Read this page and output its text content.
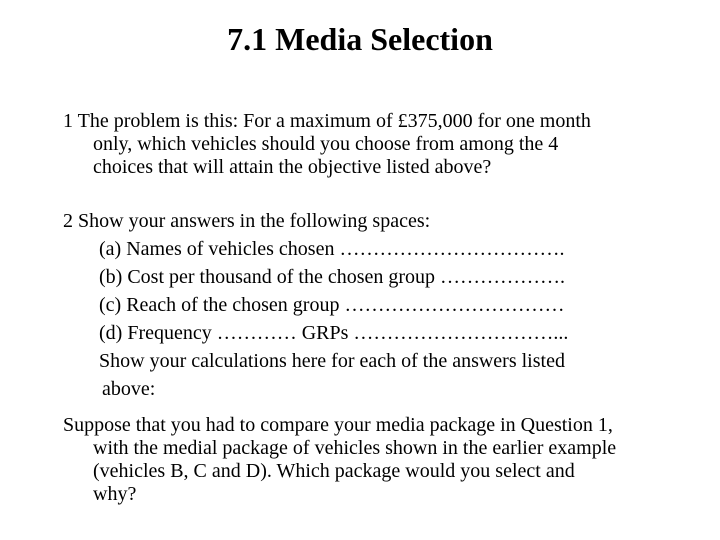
7.1 Media Selection
1 The problem is this: For a maximum of £375,000 for one month
only, which vehicles should you choose from among the 4
choices that will attain the objective listed above?
2 Show your answers in the following spaces:
(a) Names of vehicles chosen …………………………….
(b) Cost per thousand of the chosen group ……………….
(c) Reach of the chosen group ……………………………
(d) Frequency ………… GRPs …………………………...
Show your calculations here for each of the answers listed
above:
Suppose that you had to compare your media package in Question 1,
with the medial package of vehicles shown in the earlier example
(vehicles B, C and D). Which package would you select and
why?
